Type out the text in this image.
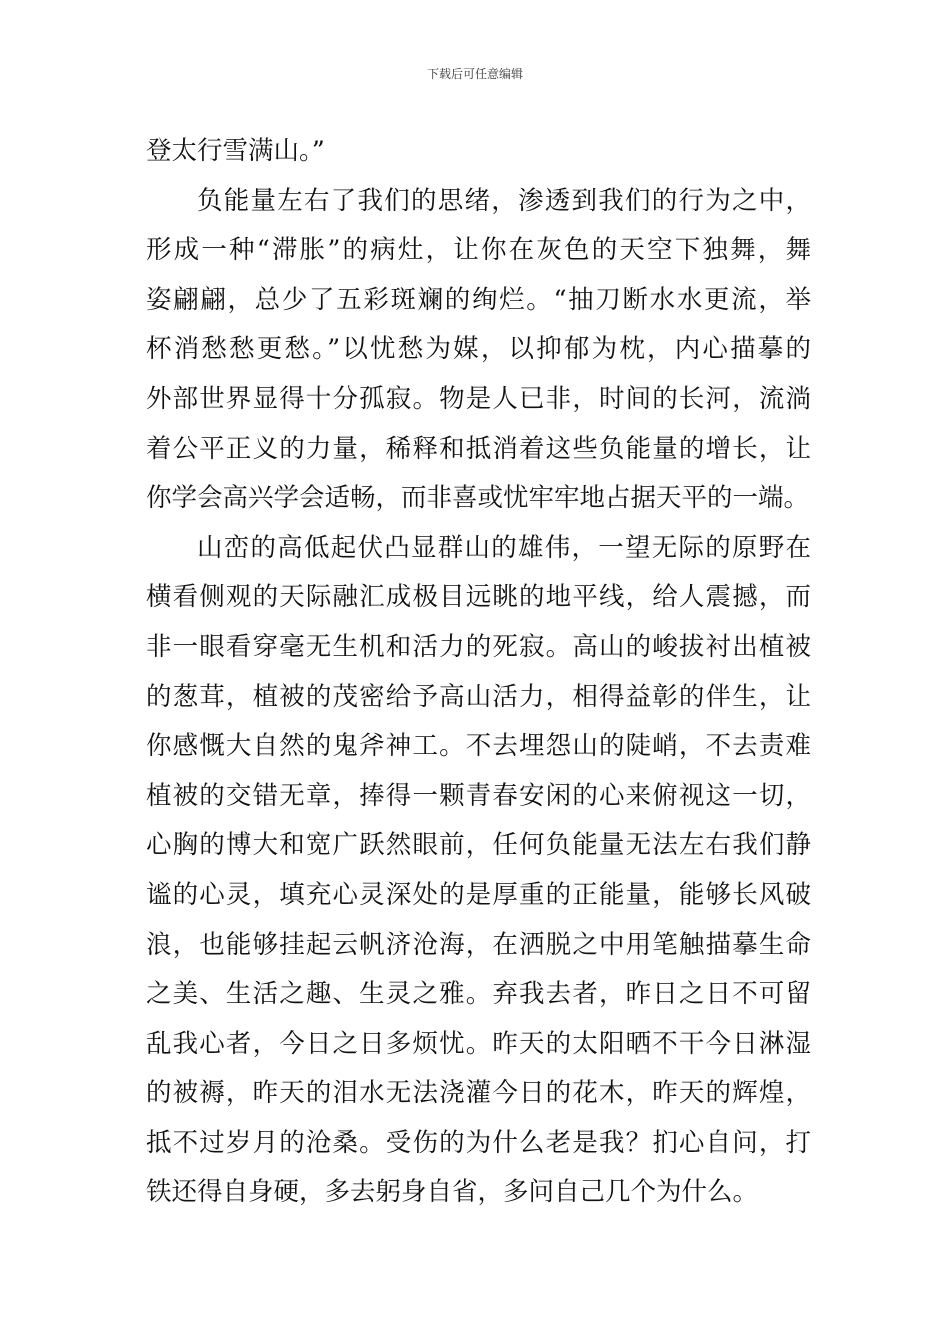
下载后可任意编辑
登太行雪满山。”
负能量左右了我们的思绪，渗透到我们的行为之中，
形成一种“滞胀”的病灶，让你在灰色的天空下独舞，舞
姿翩翩，总少了五彩斑斓的绚烂。“抽刀断水水更流，举
杯消愁愁更愁。”以忧愁为媒，以抑郁为枕，内心描摹的
外部世界显得十分孤寂。物是人已非，时间的长河，流淌
着公平正义的力量，稀释和抵消着这些负能量的增长，让
你学会高兴学会适畅，而非喜或忧牢牢地占据天平的一端。
山峦的高低起伏凸显群山的雄伟，一望无际的原野在
横看侧观的天际融汇成极目远眺的地平线，给人震撼，而
非一眼看穿毫无生机和活力的死寂。高山的峻拔衬出植被
的葱茸，植被的茂密给予高山活力，相得益彰的伴生，让
你感慨大自然的鬼斧神工。不去埋怨山的陡峭，不去责难
植被的交错无章，捧得一颗青春安闲的心来俯视这一切，
心胸的博大和宽广跃然眼前，任何负能量无法左右我们静
谧的心灵，填充心灵深处的是厚重的正能量，能够长风破
浪，也能够挂起云帆济沧海，在洒脱之中用笔触描摹生命
之美、生活之趣、生灵之雅。弃我去者，昨日之日不可留
乱我心者，今日之日多烦忧。昨天的太阳晒不干今日淋湿
的被褥，昨天的泪水无法浇灌今日的花木，昨天的辉煌，
抵不过岁月的沧桑。受伤的为什么老是我？扪心自问，打
铁还得自身硬，多去躬身自省，多问自己几个为什么。
